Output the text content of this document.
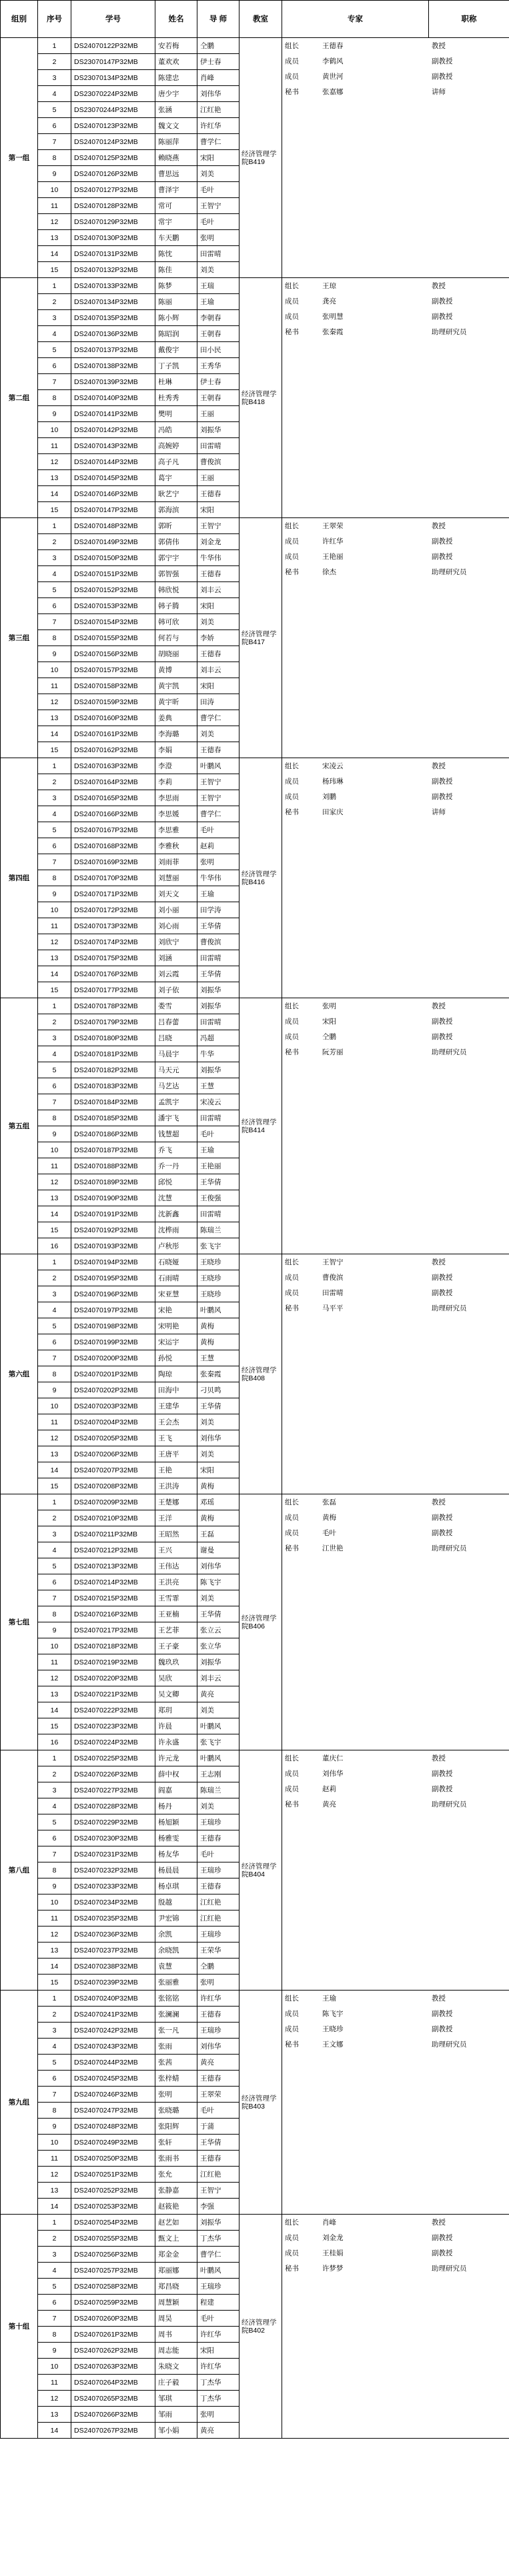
组别	序号	学号	姓名	导 师	教室	专家	职称
第一组	1	DS24070122P32MB	安若梅	仝鹏	经济管理学院B419	
组长	王德春	教授
成员	李鹤风	副教授
成员	黄世河	副教授
秘书	张嘉娜	讲师

2	DS23070147P32MB	董欢欢	伊士春
3	DS23070134P32MB	陈建忠	肖峰
4	DS23070224P32MB	唐少宇	刘伟华
5	DS23070244P32MB	张涵	江红艳
6	DS24070123P32MB	魏文文	许红华
7	DS24070124P32MB	陈丽萍	曹学仁
8	DS24070125P32MB	赖晓燕	宋阳
9	DS24070126P32MB	曹思远	刘美
10	DS24070127P32MB	曹泽宇	毛叶
11	DS24070128P32MB	常可	王智宁
12	DS24070129P32MB	常宇	毛叶
13	DS24070130P32MB	车天鹏	张明
14	DS24070131P32MB	陈忱	田雷晴
15	DS24070132P32MB	陈佳	刘美
第二组	1	DS24070133P32MB	陈梦	王瑞	经济管理学院B418	
组长	王琼	教授
成员	龚亮	副教授
成员	张明慧	副教授
秘书	张秦霞	助理研究员

2	DS24070134P32MB	陈丽	王瑜
3	DS24070135P32MB	陈小辉	李朝春
4	DS24070136P32MB	陈昭润	王朝春
5	DS24070137P32MB	戴俊宇	田小民
6	DS24070138P32MB	丁子凯	王秀华
7	DS24070139P32MB	杜琳	伊士春
8	DS24070140P32MB	杜秀秀	王朝春
9	DS24070141P32MB	樊明	王丽
10	DS24070142P32MB	冯皓	刘振华
11	DS24070143P32MB	高婉婷	田雷晴
12	DS24070144P32MB	高子凡	曹俊滨
13	DS24070145P32MB	葛宇	王丽
14	DS24070146P32MB	耿艺宁	王德春
15	DS24070147P32MB	郭海滨	宋阳
第三组	1	DS24070148P32MB	郭昕	王智宁	经济管理学院B417	
组长	王翠荣	教授
成员	许红华	副教授
成员	王艳丽	副教授
秘书	徐杰	助理研究员

2	DS24070149P32MB	郭倩伟	刘金龙
3	DS24070150P32MB	郭宁宇	牛华伟
4	DS24070151P32MB	郭智强	王德春
5	DS24070152P32MB	韩欣悦	刘丰云
6	DS24070153P32MB	韩子腾	宋阳
7	DS24070154P32MB	韩可欣	刘美
8	DS24070155P32MB	何若与	李娇
9	DS24070156P32MB	胡晓丽	王德春
10	DS24070157P32MB	黄博	刘丰云
11	DS24070158P32MB	黄宇凯	宋阳
12	DS24070159P32MB	黄宇昕	田涛
13	DS24070160P32MB	姜典	曹学仁
14	DS24070161P32MB	李海璐	刘美
15	DS24070162P32MB	李娟	王德春
第四组	1	DS24070163P32MB	李澄	叶鹏风	经济管理学院B416	
组长	宋凌云	教授
成员	杨玮琳	副教授
成员	刘鹏	副教授
秘书	田家庆	讲师

2	DS24070164P32MB	李莉	王智宁
3	DS24070165P32MB	李思雨	王智宁
4	DS24070166P32MB	李思媛	曹学仁
5	DS24070167P32MB	李思雅	毛叶
6	DS24070168P32MB	李雅秋	赵莉
7	DS24070169P32MB	刘雨菲	张明
8	DS24070170P32MB	刘慧丽	牛华伟
9	DS24070171P32MB	刘天文	王瑜
10	DS24070172P32MB	刘小丽	田学涛
11	DS24070173P32MB	刘心雨	王华倩
12	DS24070174P32MB	刘欣宁	曹俊滨
13	DS24070175P32MB	刘涵	田雷晴
14	DS24070176P32MB	刘云霞	王华倩
15	DS24070177P32MB	刘子依	刘振华
第五组	1	DS24070178P32MB	娄雪	刘振华	经济管理学院B414	
组长	张明	教授
成员	宋阳	副教授
成员	仝鹏	副教授
秘书	阮芳丽	助理研究员

2	DS24070179P32MB	吕春蕾	田雷晴
3	DS24070180P32MB	吕晓	冯超
4	DS24070181P32MB	马晨宇	牛华
5	DS24070182P32MB	马天元	刘振华
6	DS24070183P32MB	马艺达	王慧
7	DS24070184P32MB	孟凯宇	宋凌云
8	DS24070185P32MB	潘宇飞	田雷晴
9	DS24070186P32MB	钱慧超	毛叶
10	DS24070187P32MB	乔飞	王瑜
11	DS24070188P32MB	乔一丹	王艳丽
12	DS24070189P32MB	邱悦	王华倩
13	DS24070190P32MB	沈慧	王俊强
14	DS24070191P32MB	沈新鑫	田雷晴
15	DS24070192P32MB	沈桦雨	陈瑞兰
16	DS24070193P32MB	卢秋彤	张飞宇
第六组	1	DS24070194P32MB	石晓娅	王晓珍	经济管理学院B408	
组长	王智宁	教授
成员	曹俊滨	副教授
成员	田雷晴	副教授
秘书	马平平	助理研究员

2	DS24070195P32MB	石雨晴	王晓珍
3	DS24070196P32MB	宋亚慧	王晓珍
4	DS24070197P32MB	宋艳	叶鹏风
5	DS24070198P32MB	宋明艳	黄梅
6	DS24070199P32MB	宋运宇	黄梅
7	DS24070200P32MB	孙悦	王慧
8	DS24070201P32MB	陶琼	张秦霞
9	DS24070202P32MB	田海中	刁贝鸣
10	DS24070203P32MB	王建华	王华倩
11	DS24070204P32MB	王会杰	刘美
12	DS24070205P32MB	王飞	刘伟华
13	DS24070206P32MB	王唐平	刘美
14	DS24070207P32MB	王艳	宋阳
15	DS24070208P32MB	王洪涛	黄梅
第七组	1	DS24070209P32MB	王楚娜	邓瑶	经济管理学院B406	
组长	张磊	教授
成员	黄梅	副教授
成员	毛叶	副教授
秘书	江世艳	助理研究员

2	DS24070210P32MB	王洋	黄梅
3	DS24070211P32MB	王昭然	王磊
4	DS24070212P32MB	王兴	谢曼
5	DS24070213P32MB	王伟达	刘伟华
6	DS24070214P32MB	王洪亮	陈飞宇
7	DS24070215P32MB	王雪霏	刘美
8	DS24070216P32MB	王亚楠	王华倩
9	DS24070217P32MB	王艺菲	张立云
10	DS24070218P32MB	王子豪	张立华
11	DS24070219P32MB	魏玖玖	刘振华
12	DS24070220P32MB	吴欣	刘丰云
13	DS24070221P32MB	吴文卿	黄亮
14	DS24070222P32MB	郑玥	刘美
15	DS24070223P32MB	许晨	叶鹏风
16	DS24070224P32MB	许永盛	张飞宇
第八组	1	DS24070225P32MB	许元龙	叶鹏风	经济管理学院B404	
组长	董庆仁	教授
成员	刘伟华	副教授
成员	赵莉	副教授
秘书	黄亮	助理研究员

2	DS24070226P32MB	薛中权	王志刚
3	DS24070227P32MB	阎嘉	陈瑞兰
4	DS24070228P32MB	杨丹	刘美
5	DS24070229P32MB	杨旭颖	王瑞珍
6	DS24070230P32MB	杨雅雯	王德春
7	DS24070231P32MB	杨友华	毛叶
8	DS24070232P32MB	杨晨晨	王瑞珍
9	DS24070233P32MB	杨卓琪	王德春
10	DS24070234P32MB	殷越	江红艳
11	DS24070235P32MB	尹宏锦	江红艳
12	DS24070236P32MB	余凯	王瑞珍
13	DS24070237P32MB	余晓凯	王荣华
14	DS24070238P32MB	袁慧	仝鹏
15	DS24070239P32MB	张丽雅	张明
第九组	1	DS24070240P32MB	张铭铭	许红华	经济管理学院B403	
组长	王瑜	教授
成员	陈飞宇	副教授
成员	王晓珍	副教授
秘书	王文娜	助理研究员

2	DS24070241P32MB	张澜澜	王德春
3	DS24070242P32MB	张一凡	王瑞珍
4	DS24070243P32MB	张雨	刘伟华
5	DS24070244P32MB	张茜	黄亮
6	DS24070245P32MB	张梓蜻	王德春
7	DS24070246P32MB	张明	王翠荣
8	DS24070247P32MB	张晓璐	毛叶
9	DS24070248P32MB	张阳辉	于蒲
10	DS24070249P32MB	张轩	王华倩
11	DS24070250P32MB	张雨书	王德春
12	DS24070251P32MB	张允	江红艳
13	DS24070252P32MB	张静嘉	王智宁
14	DS24070253P32MB	赵筱艳	李强
第十组	1	DS24070254P32MB	赵艺如	刘振华	经济管理学院B402	
组长	肖峰	教授
成员	刘金龙	副教授
成员	王桂娟	副教授
秘书	许梦梦	助理研究员

2	DS24070255P32MB	甄文上	丁杰华
3	DS24070256P32MB	郑金金	曹学仁
4	DS24070257P32MB	郑丽娜	叶鹏风
5	DS24070258P32MB	郑昌晓	王瑞珍
6	DS24070259P32MB	周慧颖	程建
7	DS24070260P32MB	周昊	毛叶
8	DS24070261P32MB	周书	许红华
9	DS24070262P32MB	周志能	宋阳
10	DS24070263P32MB	朱晓文	许红华
11	DS24070264P32MB	庄子毅	丁杰华
12	DS24070265P32MB	邹琪	丁杰华
13	DS24070266P32MB	邹雨	张明
14	DS24070267P32MB	邹小娟	黄亮
